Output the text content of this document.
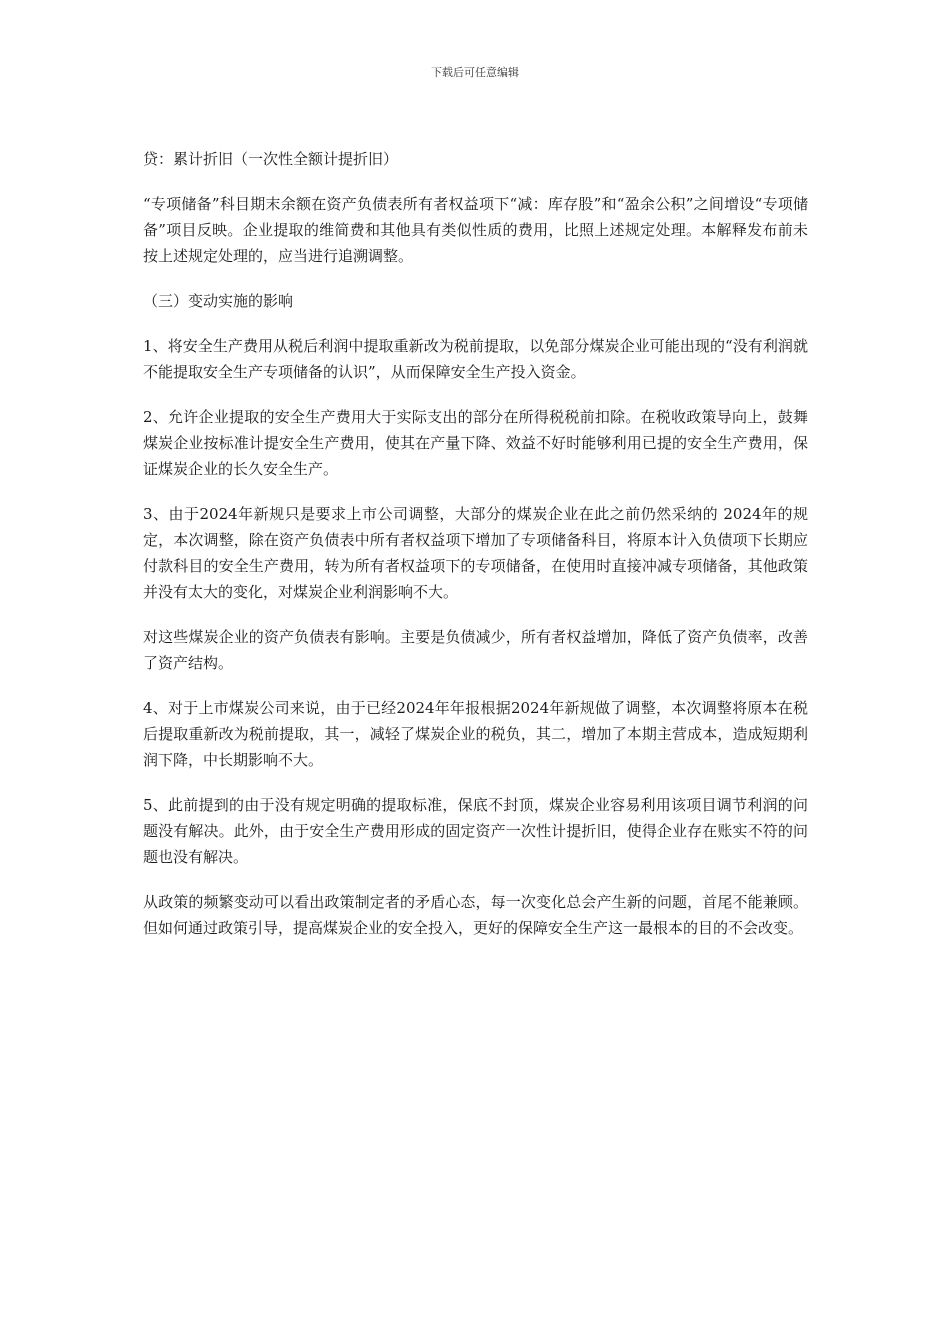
下载后可任意编辑

贷：累计折旧（一次性全额计提折旧）

“专项储备”科目期末余额在资产负债表所有者权益项下“减：库存股”和“盈余公积”之间增设“专项储备”项目反映。企业提取的维简费和其他具有类似性质的费用，比照上述规定处理。本解释发布前未按上述规定处理的，应当进行追溯调整。

（三）变动实施的影响

1、将安全生产费用从税后利润中提取重新改为税前提取，以免部分煤炭企业可能出现的“没有利润就不能提取安全生产专项储备的认识”，从而保障安全生产投入资金。

2、允许企业提取的安全生产费用大于实际支出的部分在所得税税前扣除。在税收政策导向上，鼓舞煤炭企业按标准计提安全生产费用，使其在产量下降、效益不好时能够利用已提的安全生产费用，保证煤炭企业的长久安全生产。

3、由于2024年新规只是要求上市公司调整，大部分的煤炭企业在此之前仍然采纳的 2024年的规定，本次调整，除在资产负债表中所有者权益项下增加了专项储备科目，将原本计入负债项下长期应付款科目的安全生产费用，转为所有者权益项下的专项储备，在使用时直接冲减专项储备，其他政策并没有太大的变化，对煤炭企业利润影响不大。

对这些煤炭企业的资产负债表有影响。主要是负债减少，所有者权益增加，降低了资产负债率，改善了资产结构。

4、对于上市煤炭公司来说，由于已经2024年年报根据2024年新规做了调整，本次调整将原本在税后提取重新改为税前提取，其一，减轻了煤炭企业的税负，其二，增加了本期主营成本，造成短期利润下降，中长期影响不大。

5、此前提到的由于没有规定明确的提取标准，保底不封顶，煤炭企业容易利用该项目调节利润的问题没有解决。此外，由于安全生产费用形成的固定资产一次性计提折旧，使得企业存在账实不符的问题也没有解决。

从政策的频繁变动可以看出政策制定者的矛盾心态，每一次变化总会产生新的问题，首尾不能兼顾。但如何通过政策引导，提高煤炭企业的安全投入，更好的保障安全生产这一最根本的目的不会改变。
